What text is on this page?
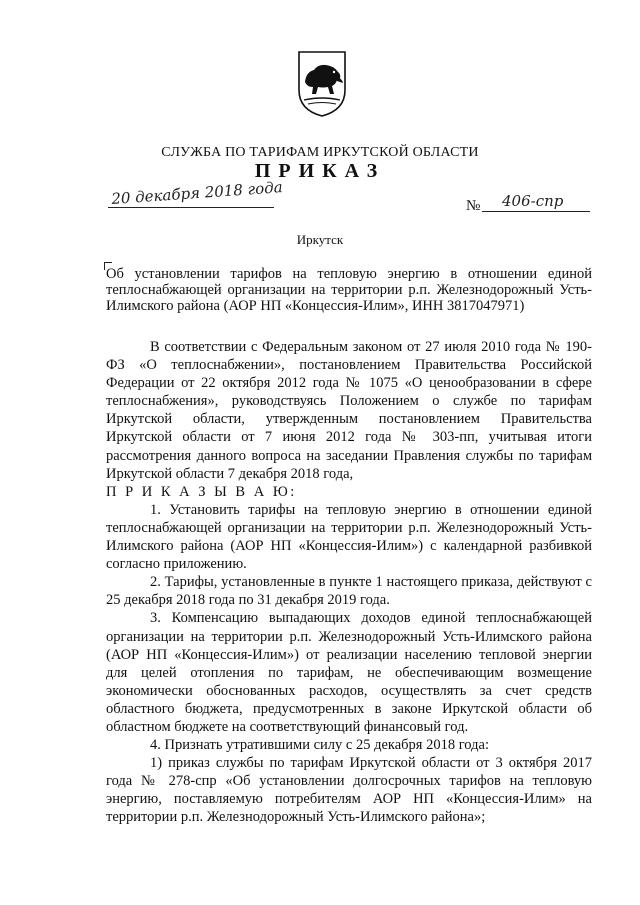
СЛУЖБА ПО ТАРИФАМ ИРКУТСКОЙ ОБЛАСТИ
ПРИКАЗ
20 декабря 2018 года	№ 406-спр
Иркутск
Об установлении тарифов на тепловую энергию в отношении единой теплоснабжающей организации на территории р.п. Железнодорожный Усть-Илимского района (АОР НП «Концессия-Илим», ИНН 3817047971)

В соответствии с Федеральным законом от 27 июля 2010 года № 190-ФЗ «О теплоснабжении», постановлением Правительства Российской Федерации от 22 октября 2012 года № 1075 «О ценообразовании в сфере теплоснабжения», руководствуясь Положением о службе по тарифам Иркутской области, утвержденным постановлением Правительства Иркутской области от 7 июня 2012 года № 303-пп, учитывая итоги рассмотрения данного вопроса на заседании Правления службы по тарифам Иркутской области 7 декабря 2018 года,

П Р И К А З Ы В А Ю:

1. Установить тарифы на тепловую энергию в отношении единой теплоснабжающей организации на территории р.п. Железнодорожный Усть-Илимского района (АОР НП «Концессия-Илим») с календарной разбивкой согласно приложению.

2. Тарифы, установленные в пункте 1 настоящего приказа, действуют с 25 декабря 2018 года по 31 декабря 2019 года.

3. Компенсацию выпадающих доходов единой теплоснабжающей организации на территории р.п. Железнодорожный Усть-Илимского района (АОР НП «Концессия-Илим») от реализации населению тепловой энергии для целей отопления по тарифам, не обеспечивающим возмещение экономически обоснованных расходов, осуществлять за счет средств областного бюджета, предусмотренных в законе Иркутской области об областном бюджете на соответствующий финансовый год.

4. Признать утратившими силу с 25 декабря 2018 года:

1) приказ службы по тарифам Иркутской области от 3 октября 2017 года № 278-спр «Об установлении долгосрочных тарифов на тепловую энергию, поставляемую потребителям АОР НП «Концессия-Илим» на территории р.п. Железнодорожный Усть-Илимского района»;
